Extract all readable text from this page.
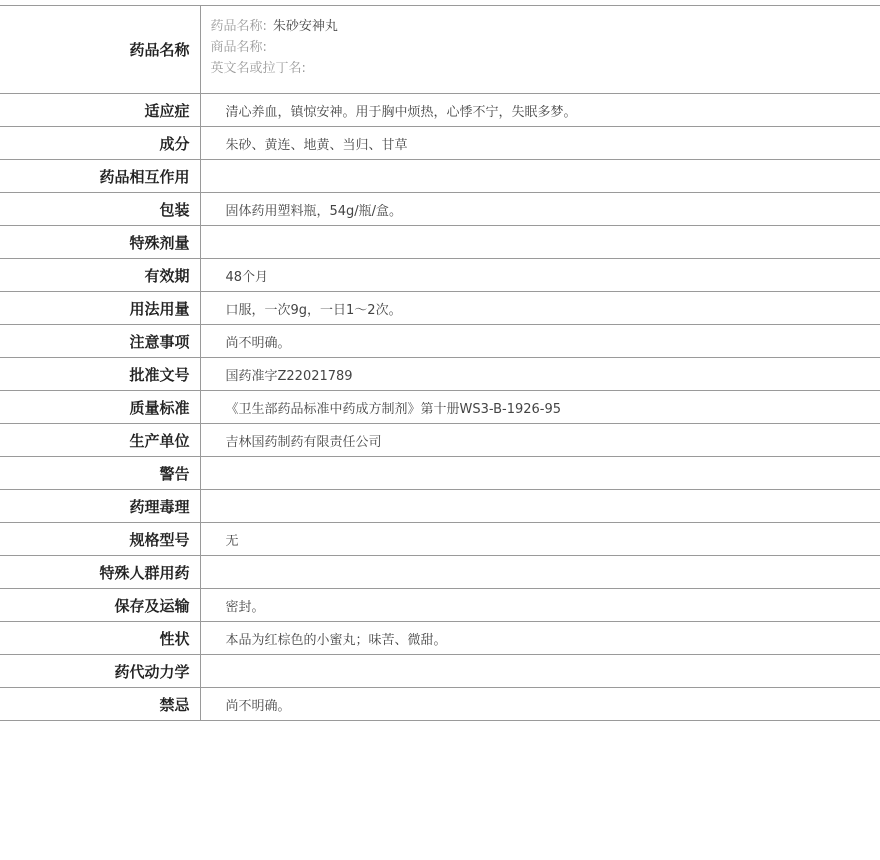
药品名称	药品名称: 朱砂安神丸
商品名称:
英文名或拉丁名:

适应症	清心养血，镇惊安神。用于胸中烦热，心悸不宁，失眠多梦。
成分	朱砂、黄连、地黄、当归、甘草
药品相互作用	
包装	固体药用塑料瓶，54g/瓶/盒。
特殊剂量	
有效期	48个月
用法用量	口服，一次9g，一日1～2次。
注意事项	尚不明确。
批准文号	国药准字Z22021789
质量标准	《卫生部药品标准中药成方制剂》第十册WS3-B-1926-95
生产单位	吉林国药制药有限责任公司
警告	
药理毒理	
规格型号	无
特殊人群用药	
保存及运输	密封。
性状	本品为红棕色的小蜜丸；味苦、微甜。
药代动力学	
禁忌	尚不明确。
